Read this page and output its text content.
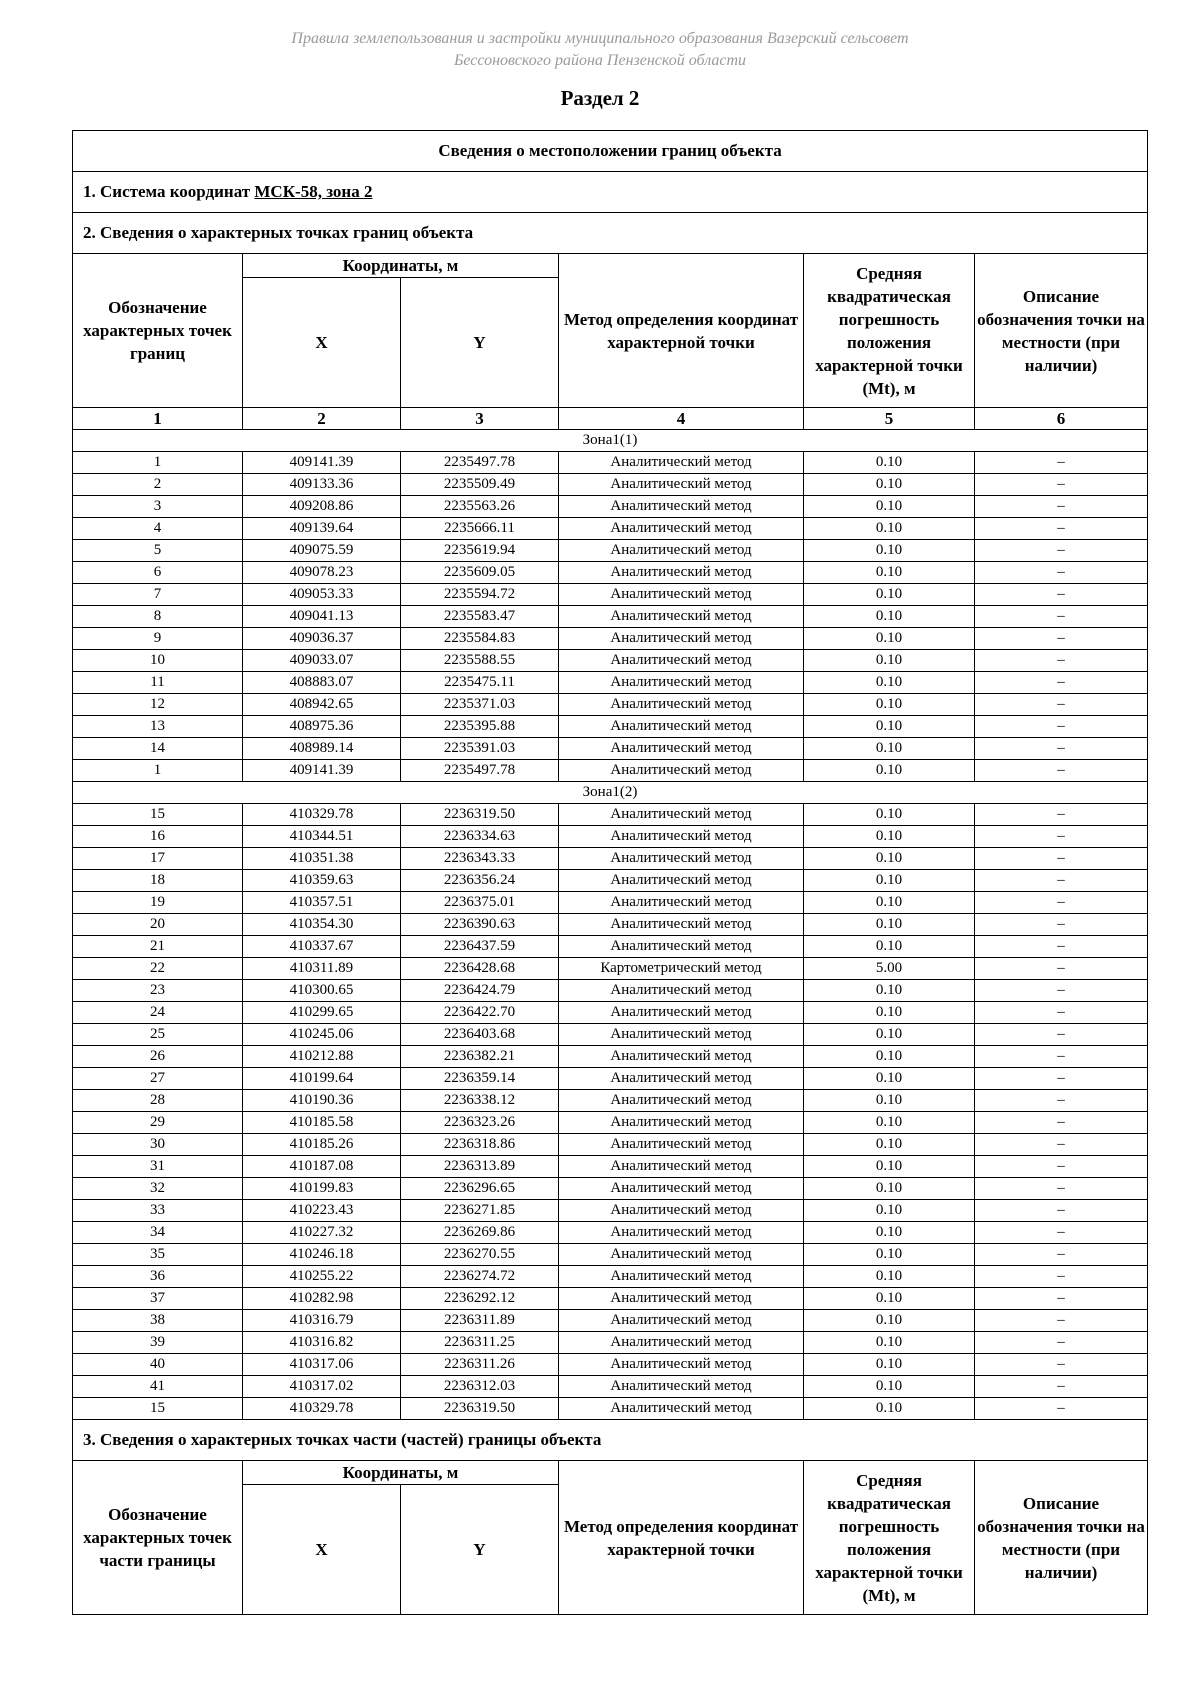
Правила землепользования и застройки муниципального образования Вазерский сельсовет
Бессоновского района Пензенской области
Раздел 2
Сведения о местоположении границ объекта					
1. Система координат МСК-58, зона 2					
2. Сведения о характерных точках границ объекта					
Обозначение характерных точек границ	Координаты, м		Метод определения координат характерной точки	Средняя квадратическая погрешность положения характерной точки (Mt), м	Описание обозначения точки на местности (при наличии)
	X	Y			
1	2	3	4	5	6
Зона1(1)					
1	409141.39	2235497.78	Аналитический метод	0.10	–
2	409133.36	2235509.49	Аналитический метод	0.10	–
3	409208.86	2235563.26	Аналитический метод	0.10	–
4	409139.64	2235666.11	Аналитический метод	0.10	–
5	409075.59	2235619.94	Аналитический метод	0.10	–
6	409078.23	2235609.05	Аналитический метод	0.10	–
7	409053.33	2235594.72	Аналитический метод	0.10	–
8	409041.13	2235583.47	Аналитический метод	0.10	–
9	409036.37	2235584.83	Аналитический метод	0.10	–
10	409033.07	2235588.55	Аналитический метод	0.10	–
11	408883.07	2235475.11	Аналитический метод	0.10	–
12	408942.65	2235371.03	Аналитический метод	0.10	–
13	408975.36	2235395.88	Аналитический метод	0.10	–
14	408989.14	2235391.03	Аналитический метод	0.10	–
1	409141.39	2235497.78	Аналитический метод	0.10	–
Зона1(2)					
15	410329.78	2236319.50	Аналитический метод	0.10	–
16	410344.51	2236334.63	Аналитический метод	0.10	–
17	410351.38	2236343.33	Аналитический метод	0.10	–
18	410359.63	2236356.24	Аналитический метод	0.10	–
19	410357.51	2236375.01	Аналитический метод	0.10	–
20	410354.30	2236390.63	Аналитический метод	0.10	–
21	410337.67	2236437.59	Аналитический метод	0.10	–
22	410311.89	2236428.68	Картометрический метод	5.00	–
23	410300.65	2236424.79	Аналитический метод	0.10	–
24	410299.65	2236422.70	Аналитический метод	0.10	–
25	410245.06	2236403.68	Аналитический метод	0.10	–
26	410212.88	2236382.21	Аналитический метод	0.10	–
27	410199.64	2236359.14	Аналитический метод	0.10	–
28	410190.36	2236338.12	Аналитический метод	0.10	–
29	410185.58	2236323.26	Аналитический метод	0.10	–
30	410185.26	2236318.86	Аналитический метод	0.10	–
31	410187.08	2236313.89	Аналитический метод	0.10	–
32	410199.83	2236296.65	Аналитический метод	0.10	–
33	410223.43	2236271.85	Аналитический метод	0.10	–
34	410227.32	2236269.86	Аналитический метод	0.10	–
35	410246.18	2236270.55	Аналитический метод	0.10	–
36	410255.22	2236274.72	Аналитический метод	0.10	–
37	410282.98	2236292.12	Аналитический метод	0.10	–
38	410316.79	2236311.89	Аналитический метод	0.10	–
39	410316.82	2236311.25	Аналитический метод	0.10	–
40	410317.06	2236311.26	Аналитический метод	0.10	–
41	410317.02	2236312.03	Аналитический метод	0.10	–
15	410329.78	2236319.50	Аналитический метод	0.10	–
3. Сведения о характерных точках части (частей) границы объекта					
Обозначение характерных точек части границы	Координаты, м		Метод определения координат характерной точки	Средняя квадратическая погрешность положения характерной точки (Mt), м	Описание обозначения точки на местности (при наличии)
	X	Y			
